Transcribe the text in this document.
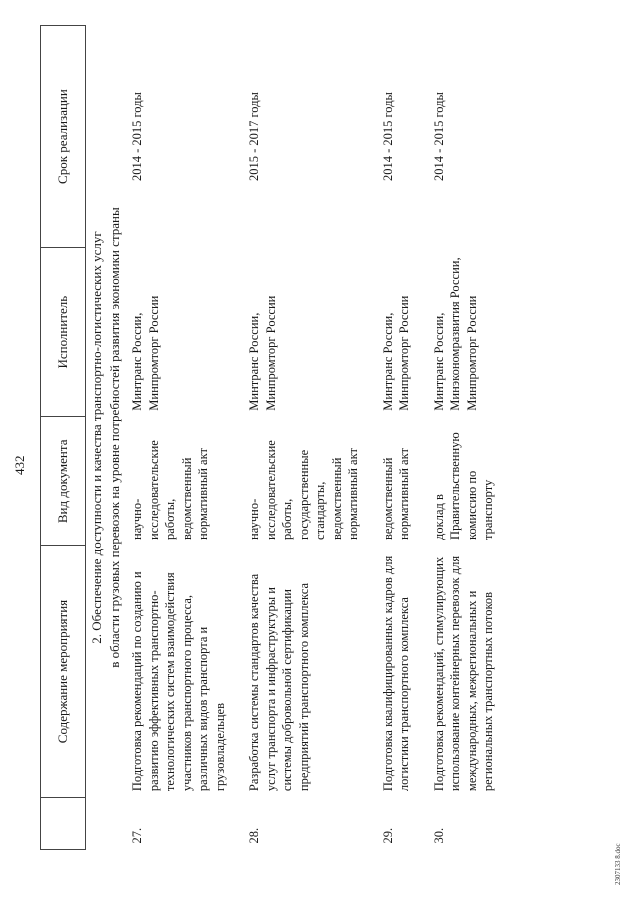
432
	Содержание мероприятия	Вид документа	Исполнитель	Срок реализации

2. Обеспечение доступности и качества транспортно-логистических услуг в области грузовых перевозок на уровне потребностей развития экономики страны				

27.	Подготовка рекомендаций по созданию и развитию эффективных транспортно-технологических систем взаимодействия участников транспортного процесса, различных видов транспорта и грузовладельцев	научно-исследовательские работы, ведомственный нормативный акт	Минтранс России, Минпромторг России	2014 - 2015 годы
28.	Разработка системы стандартов качества услуг транспорта и инфраструктуры и системы добровольной сертификации предприятий транспортного комплекса	научно-исследовательские работы, государственные стандарты, ведомственный нормативный акт	Минтранс России, Минпромторг России	2015 - 2017 годы
29.	Подготовка квалифицированных кадров для логистики транспортного комплекса	ведомственный нормативный акт	Минтранс России, Минпромторг России	2014 - 2015 годы
30.	Подготовка рекомендаций, стимулирующих использование контейнерных перевозок для международных, межрегиональных и региональных транспортных потоков	доклад в Правительственную комиссию по транспорту	Минтранс России, Минэкономразвития России, Минпромторг России	2014 - 2015 годы
2307133 8.doc
